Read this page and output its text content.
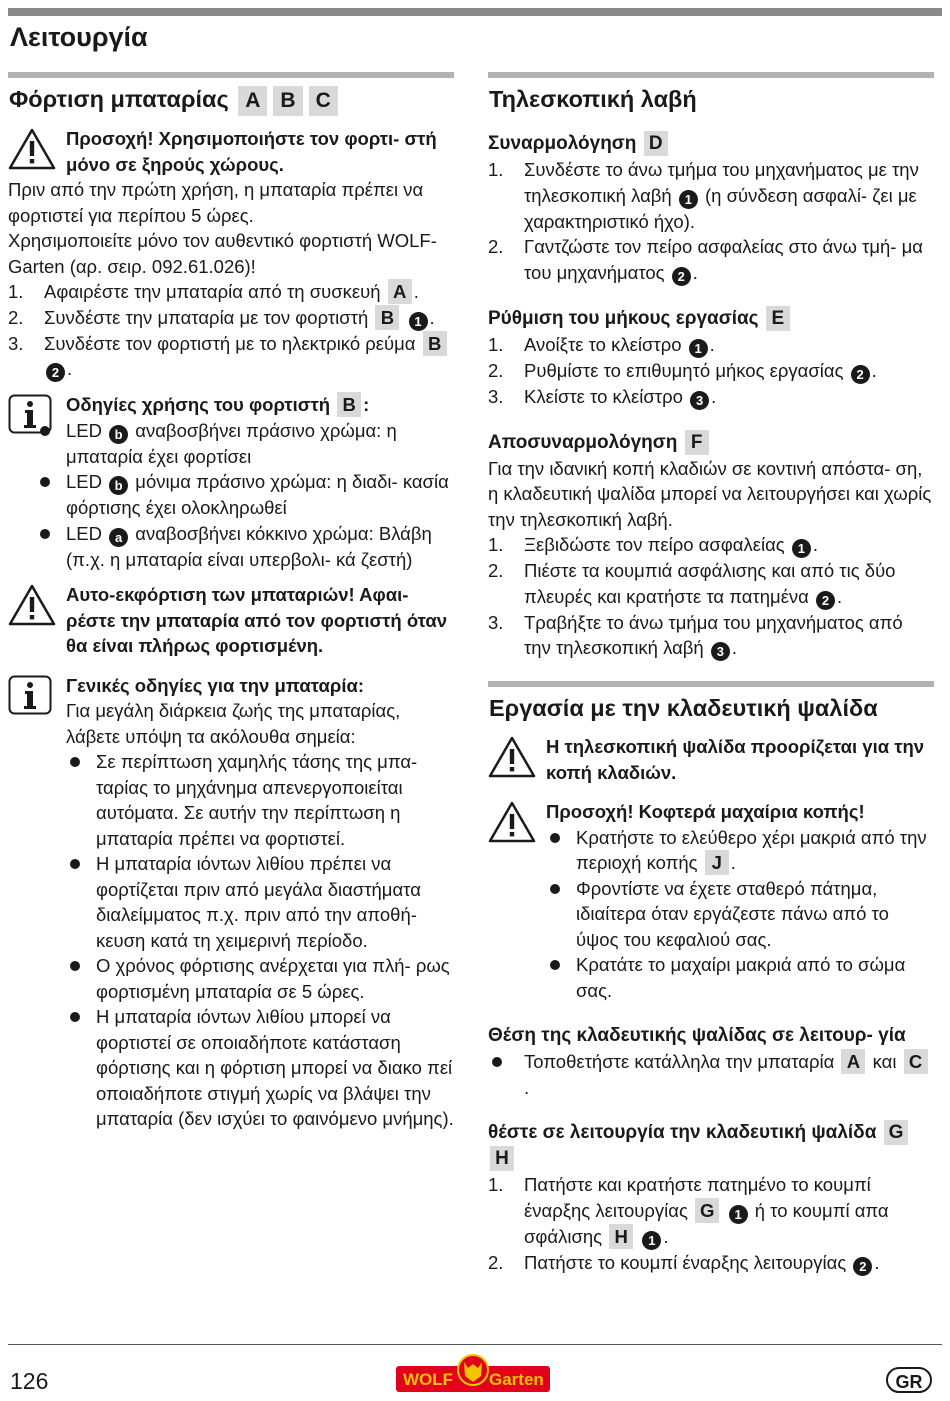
Λειτουργία
Φόρτιση μπαταρίας A B C

Προσοχή! Χρησιμοποιήστε τον φορτι- στή μόνο σε ξηρούς χώρους.

Πριν από την πρώτη χρήση, η μπαταρία πρέπει να φορτιστεί για περίπου 5 ώρες.

Χρησιμοποιείτε μόνο τον αυθεντικό φορτιστή WOLF-Garten (αρ. σειρ. 092.61.026)!

1. Αφαιρέστε την μπαταρία από τη συσκευή A .
2. Συνδέστε την μπαταρία με τον φορτιστή B 1 .
3. Συνδέστε τον φορτιστή με το ηλεκτρικό ρεύμα B 2 .
Οδηγίες χρήσης του φορτιστή B :
LED b αναβοσβήνει πράσινο χρώμα: η μπαταρία έχει φορτίσει
LED b μόνιμα πράσινο χρώμα: η διαδι- κασία φόρτισης έχει ολοκληρωθεί
LED a αναβοσβήνει κόκκινο χρώμα: Βλάβη (π.χ. η μπαταρία είναι υπερβολι- κά ζεστή)

Αυτο-εκφόρτιση των μπαταριών! Αφαι- ρέστε την μπαταρία από τον φορτιστή όταν θα είναι πλήρως φορτισμένη.

Γενικές οδηγίες για την μπαταρία:

Για μεγάλη διάρκεια ζωής της μπαταρίας, λάβετε υπόψη τα ακόλουθα σημεία:

Σε περίπτωση χαμηλής τάσης της μπα- ταρίας το μηχάνημα απενεργοποιείται αυτόματα. Σε αυτήν την περίπτωση η μπαταρία πρέπει να φορτιστεί.
Η μπαταρία ιόντων λιθίου πρέπει να φορτίζεται πριν από μεγάλα διαστήματα διαλείμματος π.χ. πριν από την αποθή- κευση κατά τη χειμερινή περίοδο.
Ο χρόνος φόρτισης ανέρχεται για πλή- ρως φορτισμένη μπαταρία σε 5 ώρες.
Η μπαταρία ιόντων λιθίου μπορεί να φορτιστεί σε οποιαδήποτε κατάσταση φόρτισης και η φόρτιση μπορεί να διακο πεί οποιαδήποτε στιγμή χωρίς να βλάψει την μπαταρία (δεν ισχύει το φαινόμενο μνήμης).
Τηλεσκοπική λαβή
Συναρμολόγηση D
1. Συνδέστε το άνω τμήμα του μηχανήματος με την τηλεσκοπική λαβή 1 (η σύνδεση ασφαλί- ζει με χαρακτηριστικό ήχο).
2. Γαντζώστε τον πείρο ασφαλείας στο άνω τμή- μα του μηχανήματος 2 .
Ρύθμιση του μήκους εργασίας E
1. Ανοίξτε το κλείστρο 1 .
2. Ρυθμίστε το επιθυμητό μήκος εργασίας 2 .
3. Κλείστε το κλείστρο 3 .
Αποσυναρμολόγηση F

Για την ιδανική κοπή κλαδιών σε κοντινή απόστα- ση, η κλαδευτική ψαλίδα μπορεί να λειτουργήσει και χωρίς την τηλεσκοπική λαβή.

1. Ξεβιδώστε τον πείρο ασφαλείας 1 .
2. Πιέστε τα κουμπιά ασφάλισης και από τις δύο πλευρές και κρατήστε τα πατημένα 2 .
3. Τραβήξτε το άνω τμήμα του μηχανήματος από την τηλεσκοπική λαβή 3 .
Εργασία με την κλαδευτική ψαλίδα

Η τηλεσκοπική ψαλίδα προορίζεται για την κοπή κλαδιών.

Προσοχή! Κοφτερά μαχαίρια κοπής!

Κρατήστε το ελεύθερο χέρι μακριά από την περιοχή κοπής J .
Φροντίστε να έχετε σταθερό πάτημα, ιδιαίτερα όταν εργάζεστε πάνω από το ύψος του κεφαλιού σας.
Κρατάτε το μαχαίρι μακριά από το σώμα σας.
Θέση της κλαδευτικής ψαλίδας σε λειτουρ- γία
Τοποθετήστε κατάλληλα την μπαταρία A και C.
θέστε σε λειτουργία την κλαδευτική ψαλίδα GH
1. Πατήστε και κρατήστε πατημένο το κουμπί έναρξης λειτουργίας G 1 ή το κουμπί απα σφάλισης H 1 .
2. Πατήστε το κουμπί έναρξης λειτουργίας 2 .
126	WOLF Garten	GR
